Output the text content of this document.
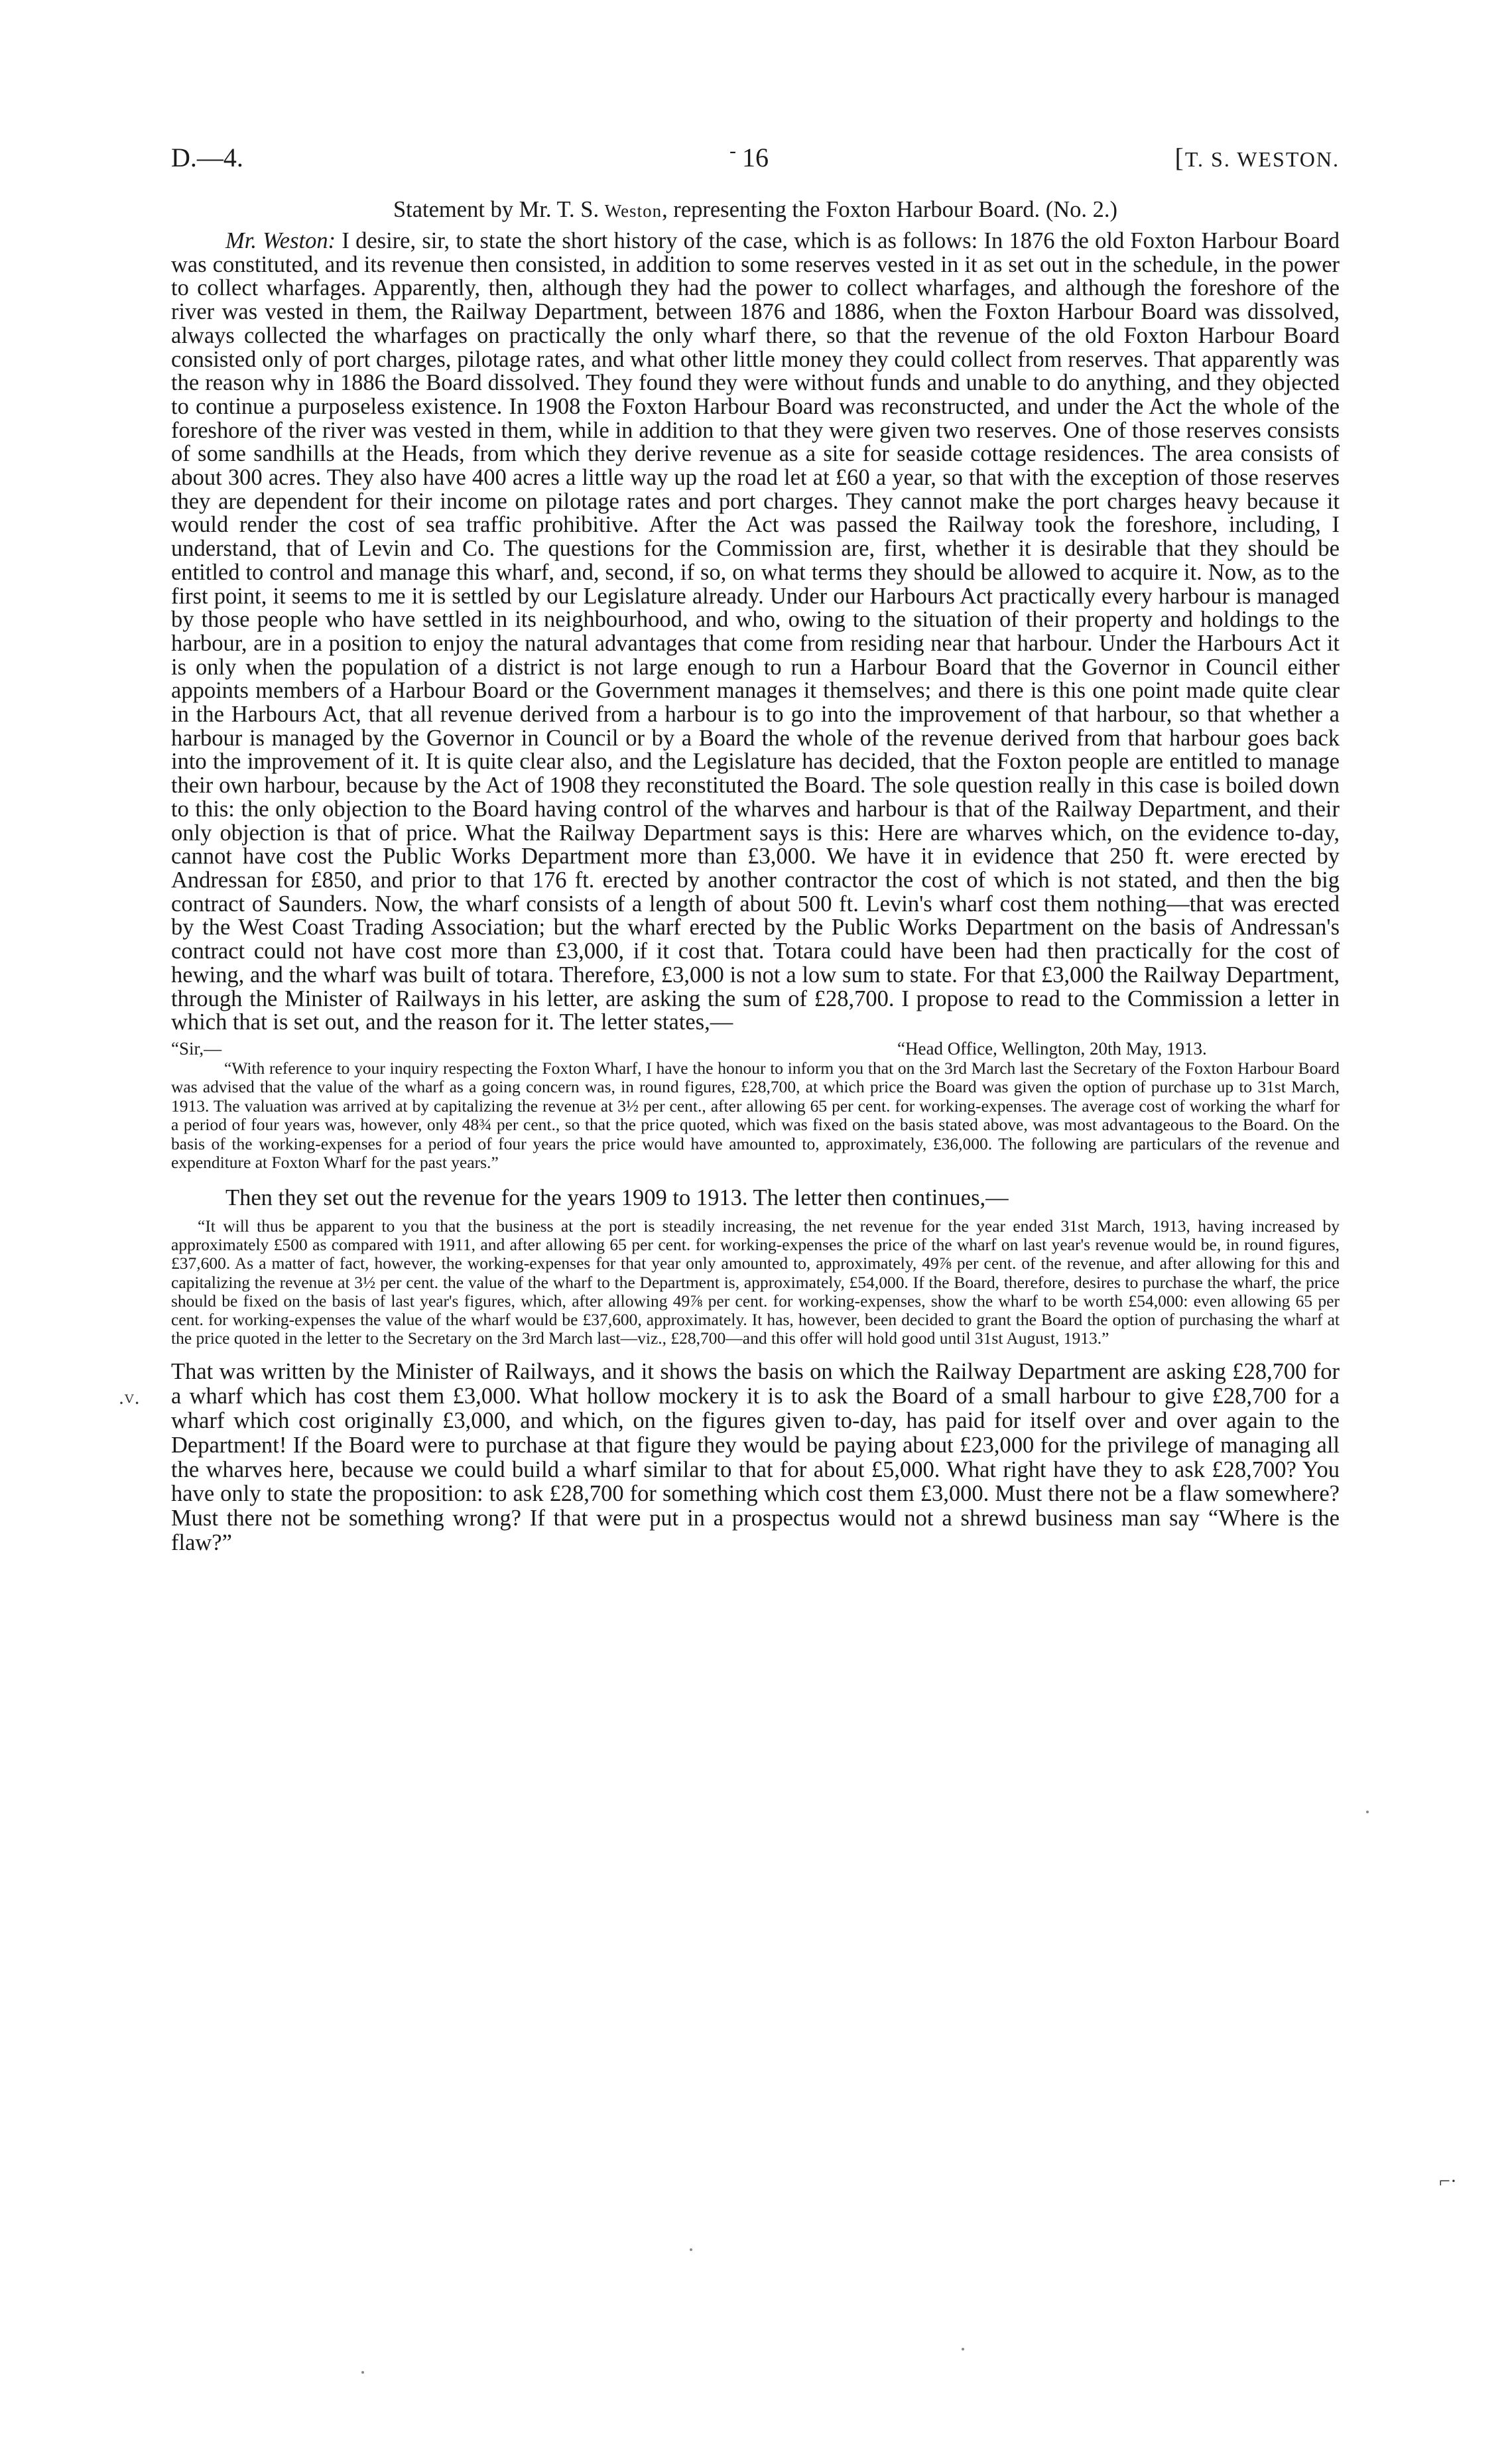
D.—4.	- 16	[T. S. WESTON.

Statement by Mr. T. S. Weston, representing the Foxton Harbour Board. (No. 2.)

Mr. Weston: I desire, sir, to state the short history of the case, which is as follows: In 1876 the old Foxton Harbour Board was constituted, and its revenue then consisted, in addition to some reserves vested in it as set out in the schedule, in the power to collect wharfages. Apparently, then, although they had the power to collect wharfages, and although the foreshore of the river was vested in them, the Railway Department, between 1876 and 1886, when the Foxton Harbour Board was dissolved, always collected the wharfages on practically the only wharf there, so that the revenue of the old Foxton Harbour Board consisted only of port charges, pilotage rates, and what other little money they could collect from reserves. That apparently was the reason why in 1886 the Board dissolved. They found they were without funds and unable to do anything, and they objected to continue a purposeless existence. In 1908 the Foxton Harbour Board was reconstructed, and under the Act the whole of the foreshore of the river was vested in them, while in addition to that they were given two reserves. One of those reserves consists of some sandhills at the Heads, from which they derive revenue as a site for seaside cottage residences. The area consists of about 300 acres. They also have 400 acres a little way up the road let at £60 a year, so that with the exception of those reserves they are dependent for their income on pilotage rates and port charges. They cannot make the port charges heavy because it would render the cost of sea traffic prohibitive. After the Act was passed the Railway took the foreshore, including, I understand, that of Levin and Co. The questions for the Commission are, first, whether it is desirable that they should be entitled to control and manage this wharf, and, second, if so, on what terms they should be allowed to acquire it. Now, as to the first point, it seems to me it is settled by our Legislature already. Under our Harbours Act practically every harbour is managed by those people who have settled in its neighbourhood, and who, owing to the situation of their property and holdings to the harbour, are in a position to enjoy the natural advantages that come from residing near that harbour. Under the Harbours Act it is only when the population of a district is not large enough to run a Harbour Board that the Governor in Council either appoints members of a Harbour Board or the Government manages it themselves; and there is this one point made quite clear in the Harbours Act, that all revenue derived from a harbour is to go into the improvement of that harbour, so that whether a harbour is managed by the Governor in Council or by a Board the whole of the revenue derived from that harbour goes back into the improvement of it. It is quite clear also, and the Legislature has decided, that the Foxton people are entitled to manage their own harbour, because by the Act of 1908 they reconstituted the Board. The sole question really in this case is boiled down to this: the only objection to the Board having control of the wharves and harbour is that of the Railway Department, and their only objection is that of price. What the Railway Department says is this: Here are wharves which, on the evidence to-day, cannot have cost the Public Works Department more than £3,000. We have it in evidence that 250 ft. were erected by Andressan for £850, and prior to that 176 ft. erected by another contractor the cost of which is not stated, and then the big contract of Saunders. Now, the wharf consists of a length of about 500 ft. Levin's wharf cost them nothing—that was erected by the West Coast Trading Association; but the wharf erected by the Public Works Department on the basis of Andressan's contract could not have cost more than £3,000, if it cost that. Totara could have been had then practically for the cost of hewing, and the wharf was built of totara. Therefore, £3,000 is not a low sum to state. For that £3,000 the Railway Department, through the Minister of Railways in his letter, are asking the sum of £28,700. I propose to read to the Commission a letter in which that is set out, and the reason for it. The letter states,—

“Sir,—	“Head Office, Wellington, 20th May, 1913.

“With reference to your inquiry respecting the Foxton Wharf, I have the honour to inform you that on the 3rd March last the Secretary of the Foxton Harbour Board was advised that the value of the wharf as a going concern was, in round figures, £28,700, at which price the Board was given the option of purchase up to 31st March, 1913. The valuation was arrived at by capitalizing the revenue at 3½ per cent., after allowing 65 per cent. for working-expenses. The average cost of working the wharf for a period of four years was, however, only 48¾ per cent., so that the price quoted, which was fixed on the basis stated above, was most advantageous to the Board. On the basis of the working-expenses for a period of four years the price would have amounted to, approximately, £36,000. The following are particulars of the revenue and expenditure at Foxton Wharf for the past years.”

Then they set out the revenue for the years 1909 to 1913. The letter then continues,—

“It will thus be apparent to you that the business at the port is steadily increasing, the net revenue for the year ended 31st March, 1913, having increased by approximately £500 as compared with 1911, and after allowing 65 per cent. for working-expenses the price of the wharf on last year's revenue would be, in round figures, £37,600. As a matter of fact, however, the working-expenses for that year only amounted to, approximately, 49⅞ per cent. of the revenue, and after allowing for this and capitalizing the revenue at 3½ per cent. the value of the wharf to the Department is, approximately, £54,000. If the Board, therefore, desires to purchase the wharf, the price should be fixed on the basis of last year's figures, which, after allowing 49⅞ per cent. for working-expenses, show the wharf to be worth £54,000: even allowing 65 per cent. for working-expenses the value of the wharf would be £37,600, approximately. It has, however, been decided to grant the Board the option of purchasing the wharf at the price quoted in the letter to the Secretary on the 3rd March last—viz., £28,700—and this offer will hold good until 31st August, 1913.”

That was written by the Minister of Railways, and it shows the basis on which the Railway Department are asking £28,700 for a wharf which has cost them £3,000. What hollow mockery it is to ask the Board of a small harbour to give £28,700 for a wharf which cost originally £3,000, and which, on the figures given to-day, has paid for itself over and over again to the Department! If the Board were to purchase at that figure they would be paying about £23,000 for the privilege of managing all the wharves here, because we could build a wharf similar to that for about £5,000. What right have they to ask £28,700? You have only to state the proposition: to ask £28,700 for something which cost them £3,000. Must there not be a flaw somewhere? Must there not be something wrong? If that were put in a prospectus would not a shrewd business man say “Where is the flaw?”

·ⱽ·
⌐·
